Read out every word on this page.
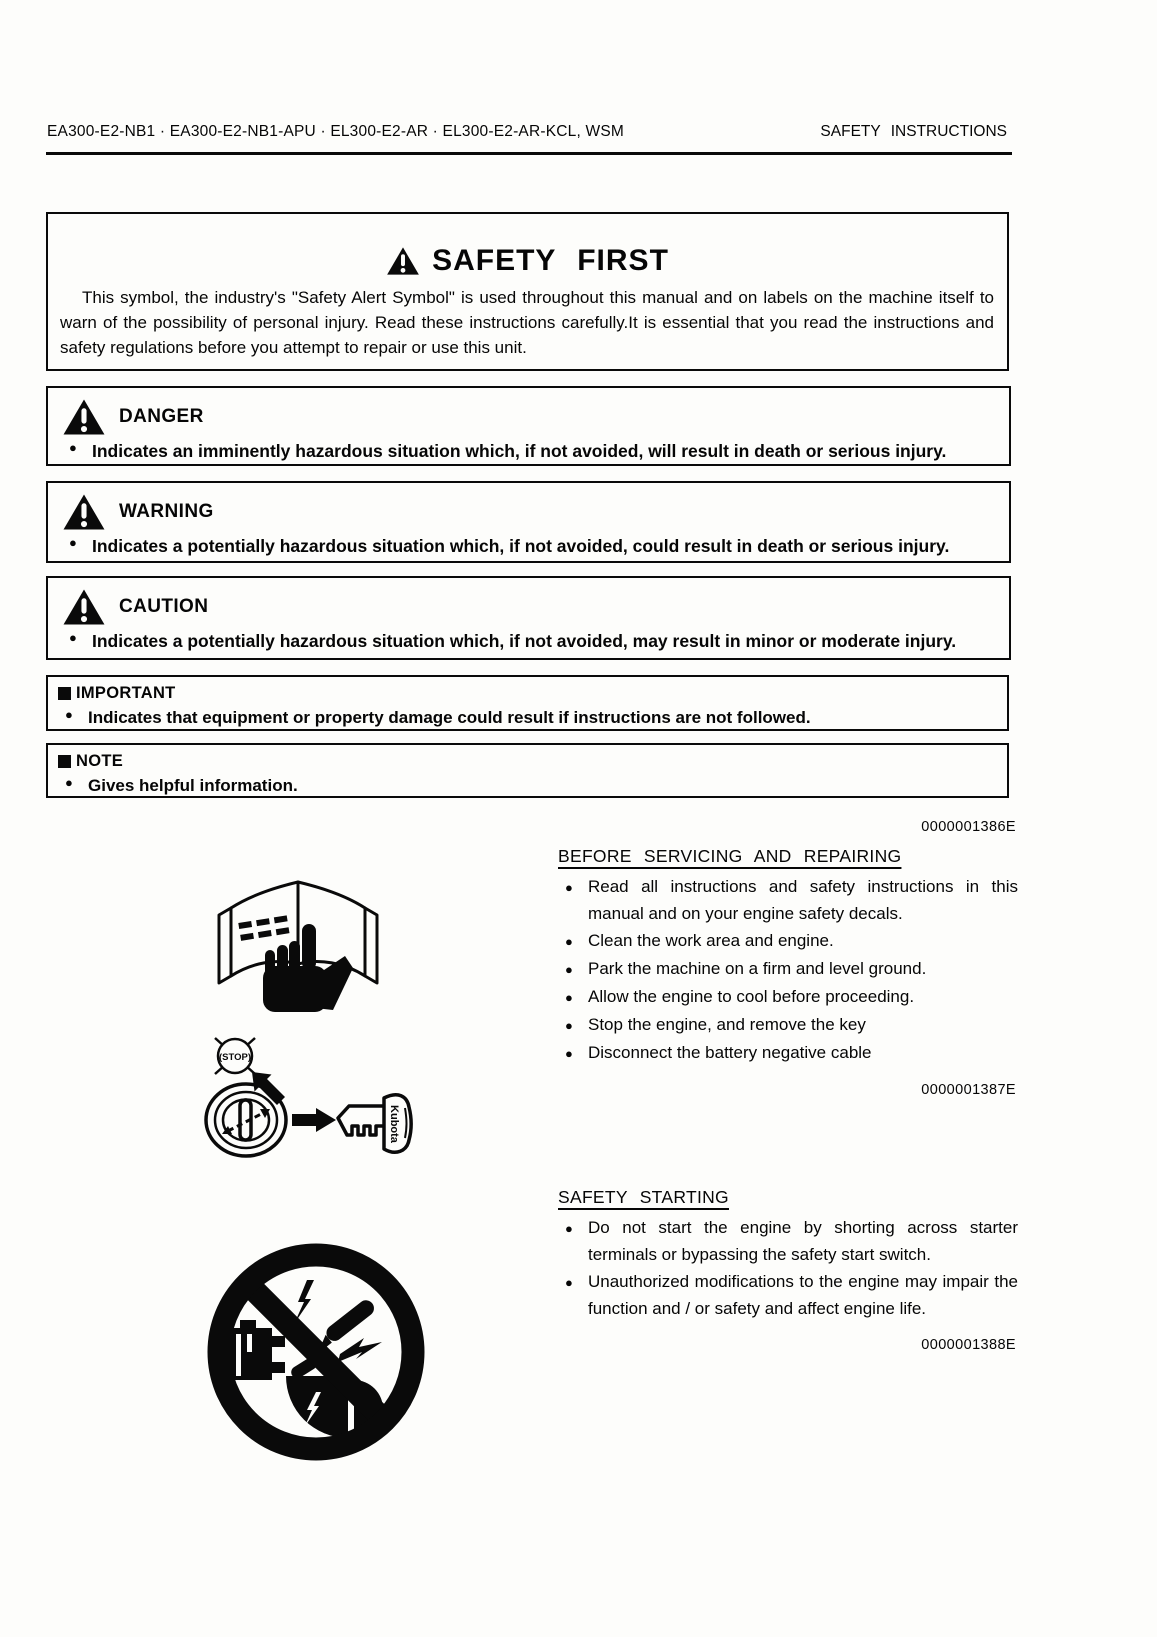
EA300-E2-NB1 · EA300-E2-NB1-APU · EL300-E2-AR · EL300-E2-AR-KCL, WSM	SAFETY INSTRUCTIONS
SAFETY FIRST
This symbol, the industry's "Safety Alert Symbol" is used throughout this manual and on labels on the machine itself to warn of the possibility of personal injury. Read these instructions carefully.It is essential that you read the instructions and safety regulations before you attempt to repair or use this unit.
DANGER
●
Indicates an imminently hazardous situation which, if not avoided, will result in death or serious injury.
WARNING
●
Indicates a potentially hazardous situation which, if not avoided, could result in death or serious injury.
CAUTION
●
Indicates a potentially hazardous situation which, if not avoided, may result in minor or moderate injury.
IMPORTANT
●
Indicates that equipment or property damage could result if instructions are not followed.
NOTE
●
Gives helpful information.
0000001386E
BEFORE SERVICING AND REPAIRING
●
Read all instructions and safety instructions in this manual and on your engine safety decals.
●
Clean the work area and engine.
●
Park the machine on a firm and level ground.
●
Allow the engine to cool before proceeding.
●
Stop the engine, and remove the key
●
Disconnect the battery negative cable
0000001387E
SAFETY STARTING
●
Do not start the engine by shorting across starter terminals or bypassing the safety start switch.
●
Unauthorized modifications to the engine may impair the function and / or safety and affect engine life.
0000001388E
(STOP)
Kubota
